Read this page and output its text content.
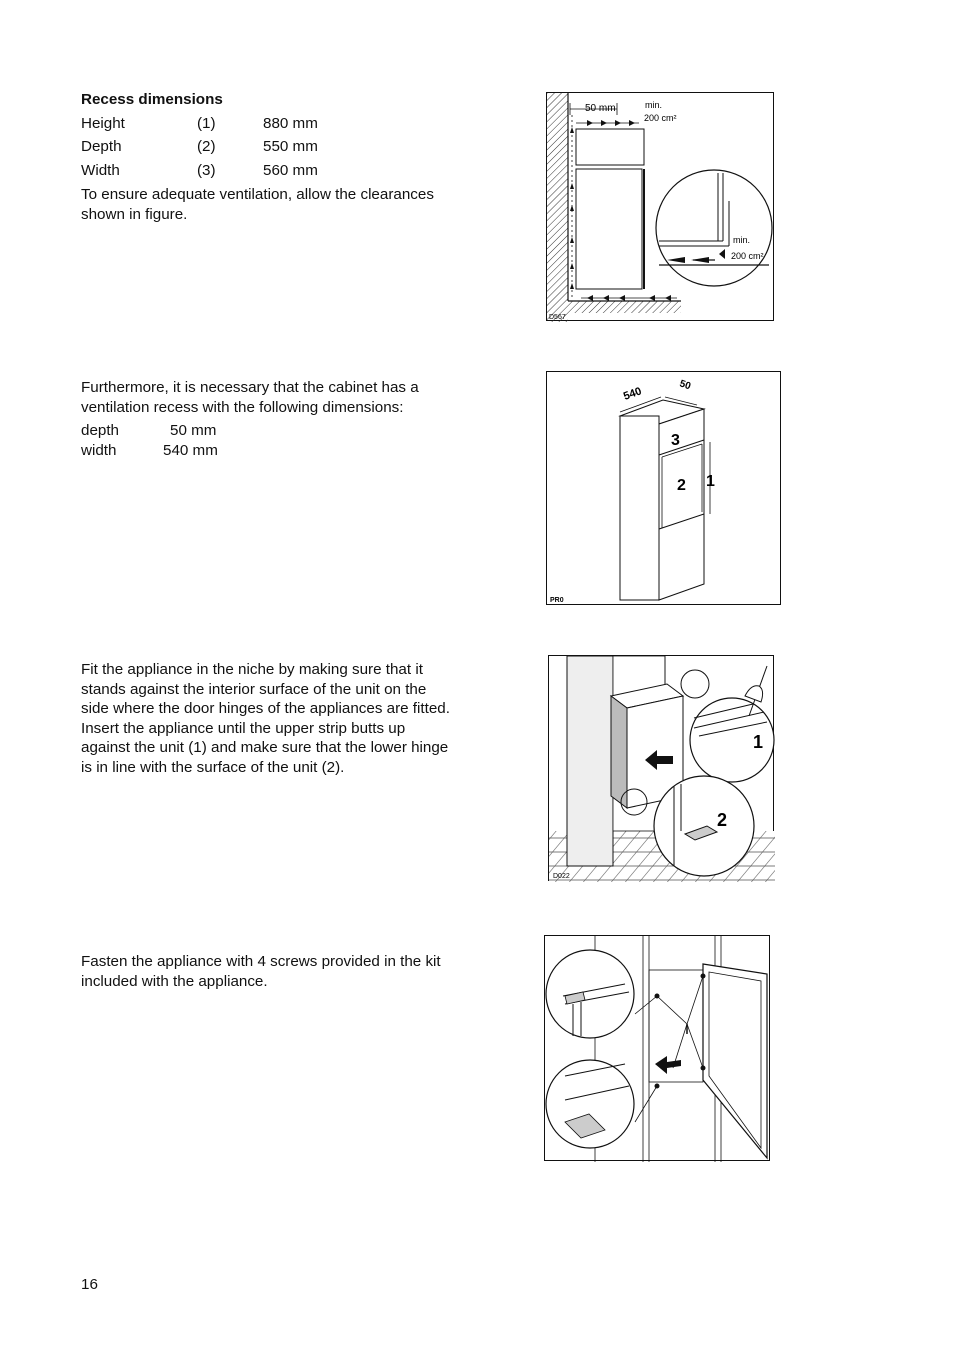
Recess dimensions
Height	(1)	880 mm
Depth	(2)	550 mm
Width	(3)	560 mm
To ensure adequate ventilation, allow the clearances shown in figure.
Furthermore, it is necessary that the cabinet has a ventilation recess with the following dimensions:
depth	50 mm
width	540 mm
Fit the appliance in the niche by making sure that it stands against the interior surface of the unit on the side where the door hinges of the appliances are fitted. Insert the appliance until the upper strip butts up against the unit (1) and make sure that the lower hinge is in line with the surface of the unit (2).
Fasten the appliance with 4 screws provided in the kit included with the appliance.
50 mm	min.
200 cm²
min.
200 cm²
D567
540	50
3
2 1
PR0
1
2
D022
16
